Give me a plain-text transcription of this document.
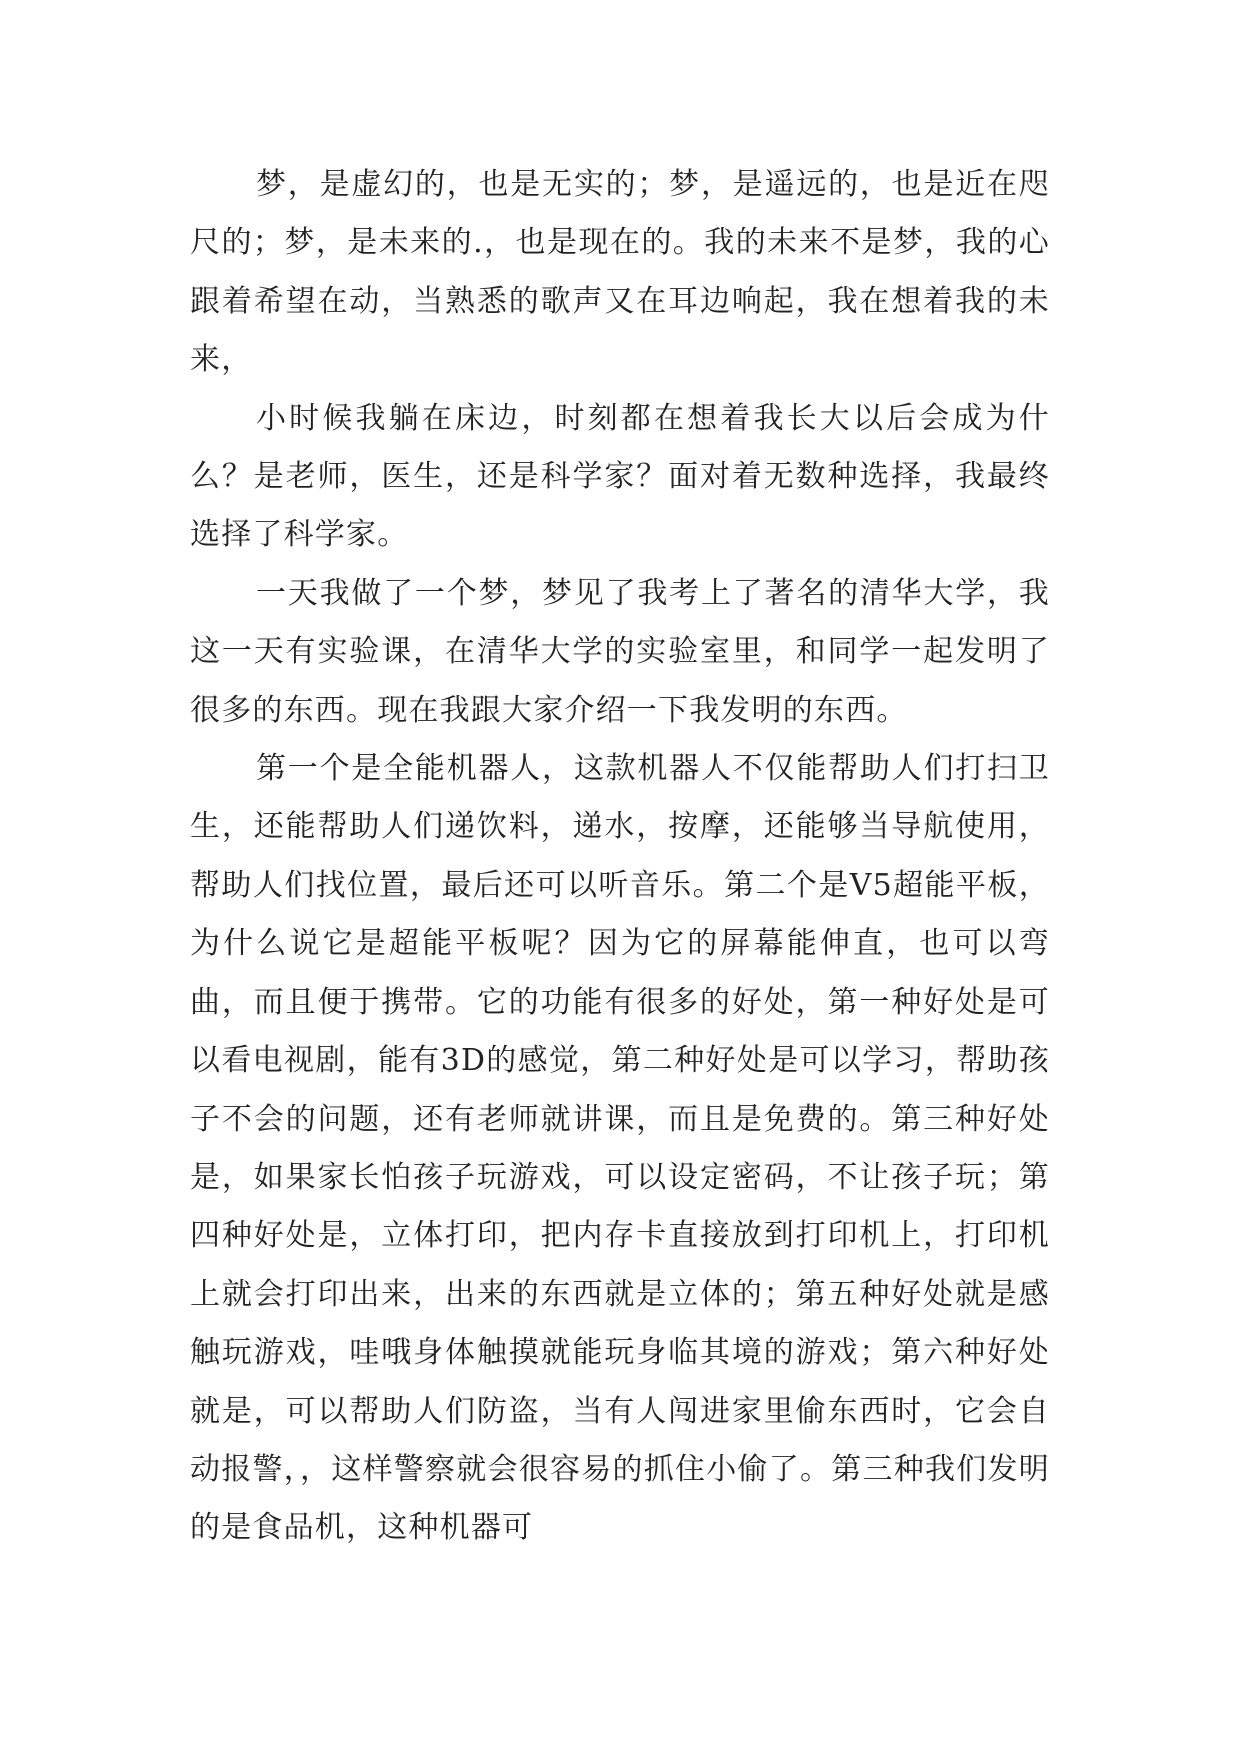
梦，是虚幻的，也是无实的；梦，是遥远的，也是近在咫尺的；梦，是未来的.，也是现在的。我的未来不是梦，我的心跟着希望在动，当熟悉的歌声又在耳边响起，我在想着我的未来，

小时候我躺在床边，时刻都在想着我长大以后会成为什么？是老师，医生，还是科学家？面对着无数种选择，我最终选择了科学家。

一天我做了一个梦，梦见了我考上了著名的清华大学，我这一天有实验课，在清华大学的实验室里，和同学一起发明了很多的东西。现在我跟大家介绍一下我发明的东西。

第一个是全能机器人，这款机器人不仅能帮助人们打扫卫生，还能帮助人们递饮料，递水，按摩，还能够当导航使用，帮助人们找位置，最后还可以听音乐。第二个是V5超能平板，为什么说它是超能平板呢？因为它的屏幕能伸直，也可以弯曲，而且便于携带。它的功能有很多的好处，第一种好处是可以看电视剧，能有3D的感觉，第二种好处是可以学习，帮助孩子不会的问题，还有老师就讲课，而且是免费的。第三种好处是，如果家长怕孩子玩游戏，可以设定密码，不让孩子玩；第四种好处是，立体打印，把内存卡直接放到打印机上，打印机上就会打印出来，出来的东西就是立体的；第五种好处就是感触玩游戏，哇哦身体触摸就能玩身临其境的游戏；第六种好处就是，可以帮助人们防盗，当有人闯进家里偷东西时，它会自动报警，，这样警察就会很容易的抓住小偷了。第三种我们发明的是食品机，这种机器可
